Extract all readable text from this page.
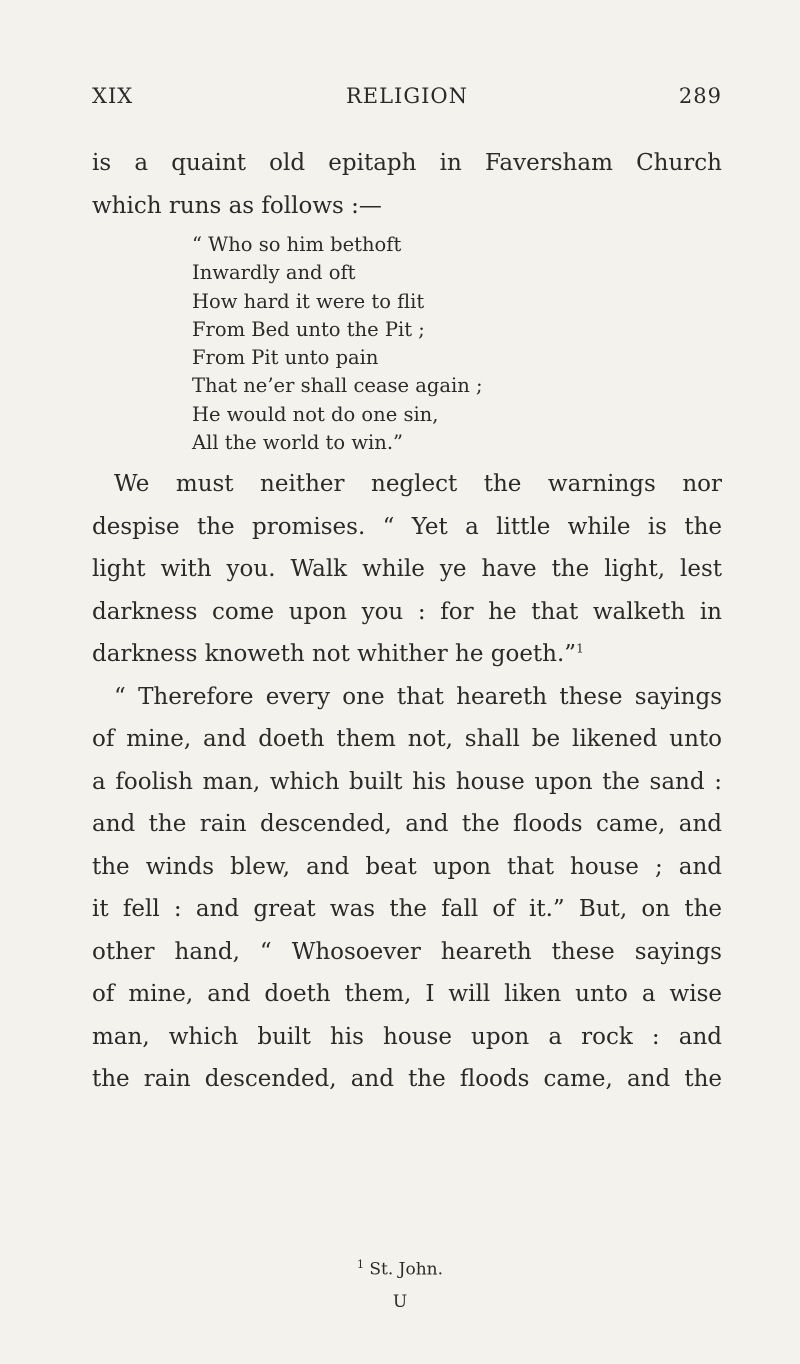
XIX	RELIGION	289

is a quaint old epitaph in Faversham Church
which runs as follows :—

“ Who so him bethoft
Inwardly and oft
How hard it were to flit
From Bed unto the Pit ;
From Pit unto pain
That ne’er shall cease again ;
He would not do one sin,
All the world to win.”

We must neither neglect the warnings nor
despise the promises. “ Yet a little while is the
light with you. Walk while ye have the light, lest
darkness come upon you : for he that walketh in
darkness knoweth not whither he goeth.”$^1$

“ Therefore every one that heareth these sayings
of mine, and doeth them not, shall be likened unto
a foolish man, which built his house upon the sand :
and the rain descended, and the floods came, and
the winds blew, and beat upon that house ; and
it fell : and great was the fall of it.” But, on the
other hand, “ Whosoever heareth these sayings
of mine, and doeth them, I will liken unto a wise
man, which built his house upon a rock : and
the rain descended, and the floods came, and the

$^1$ St. John.
U
